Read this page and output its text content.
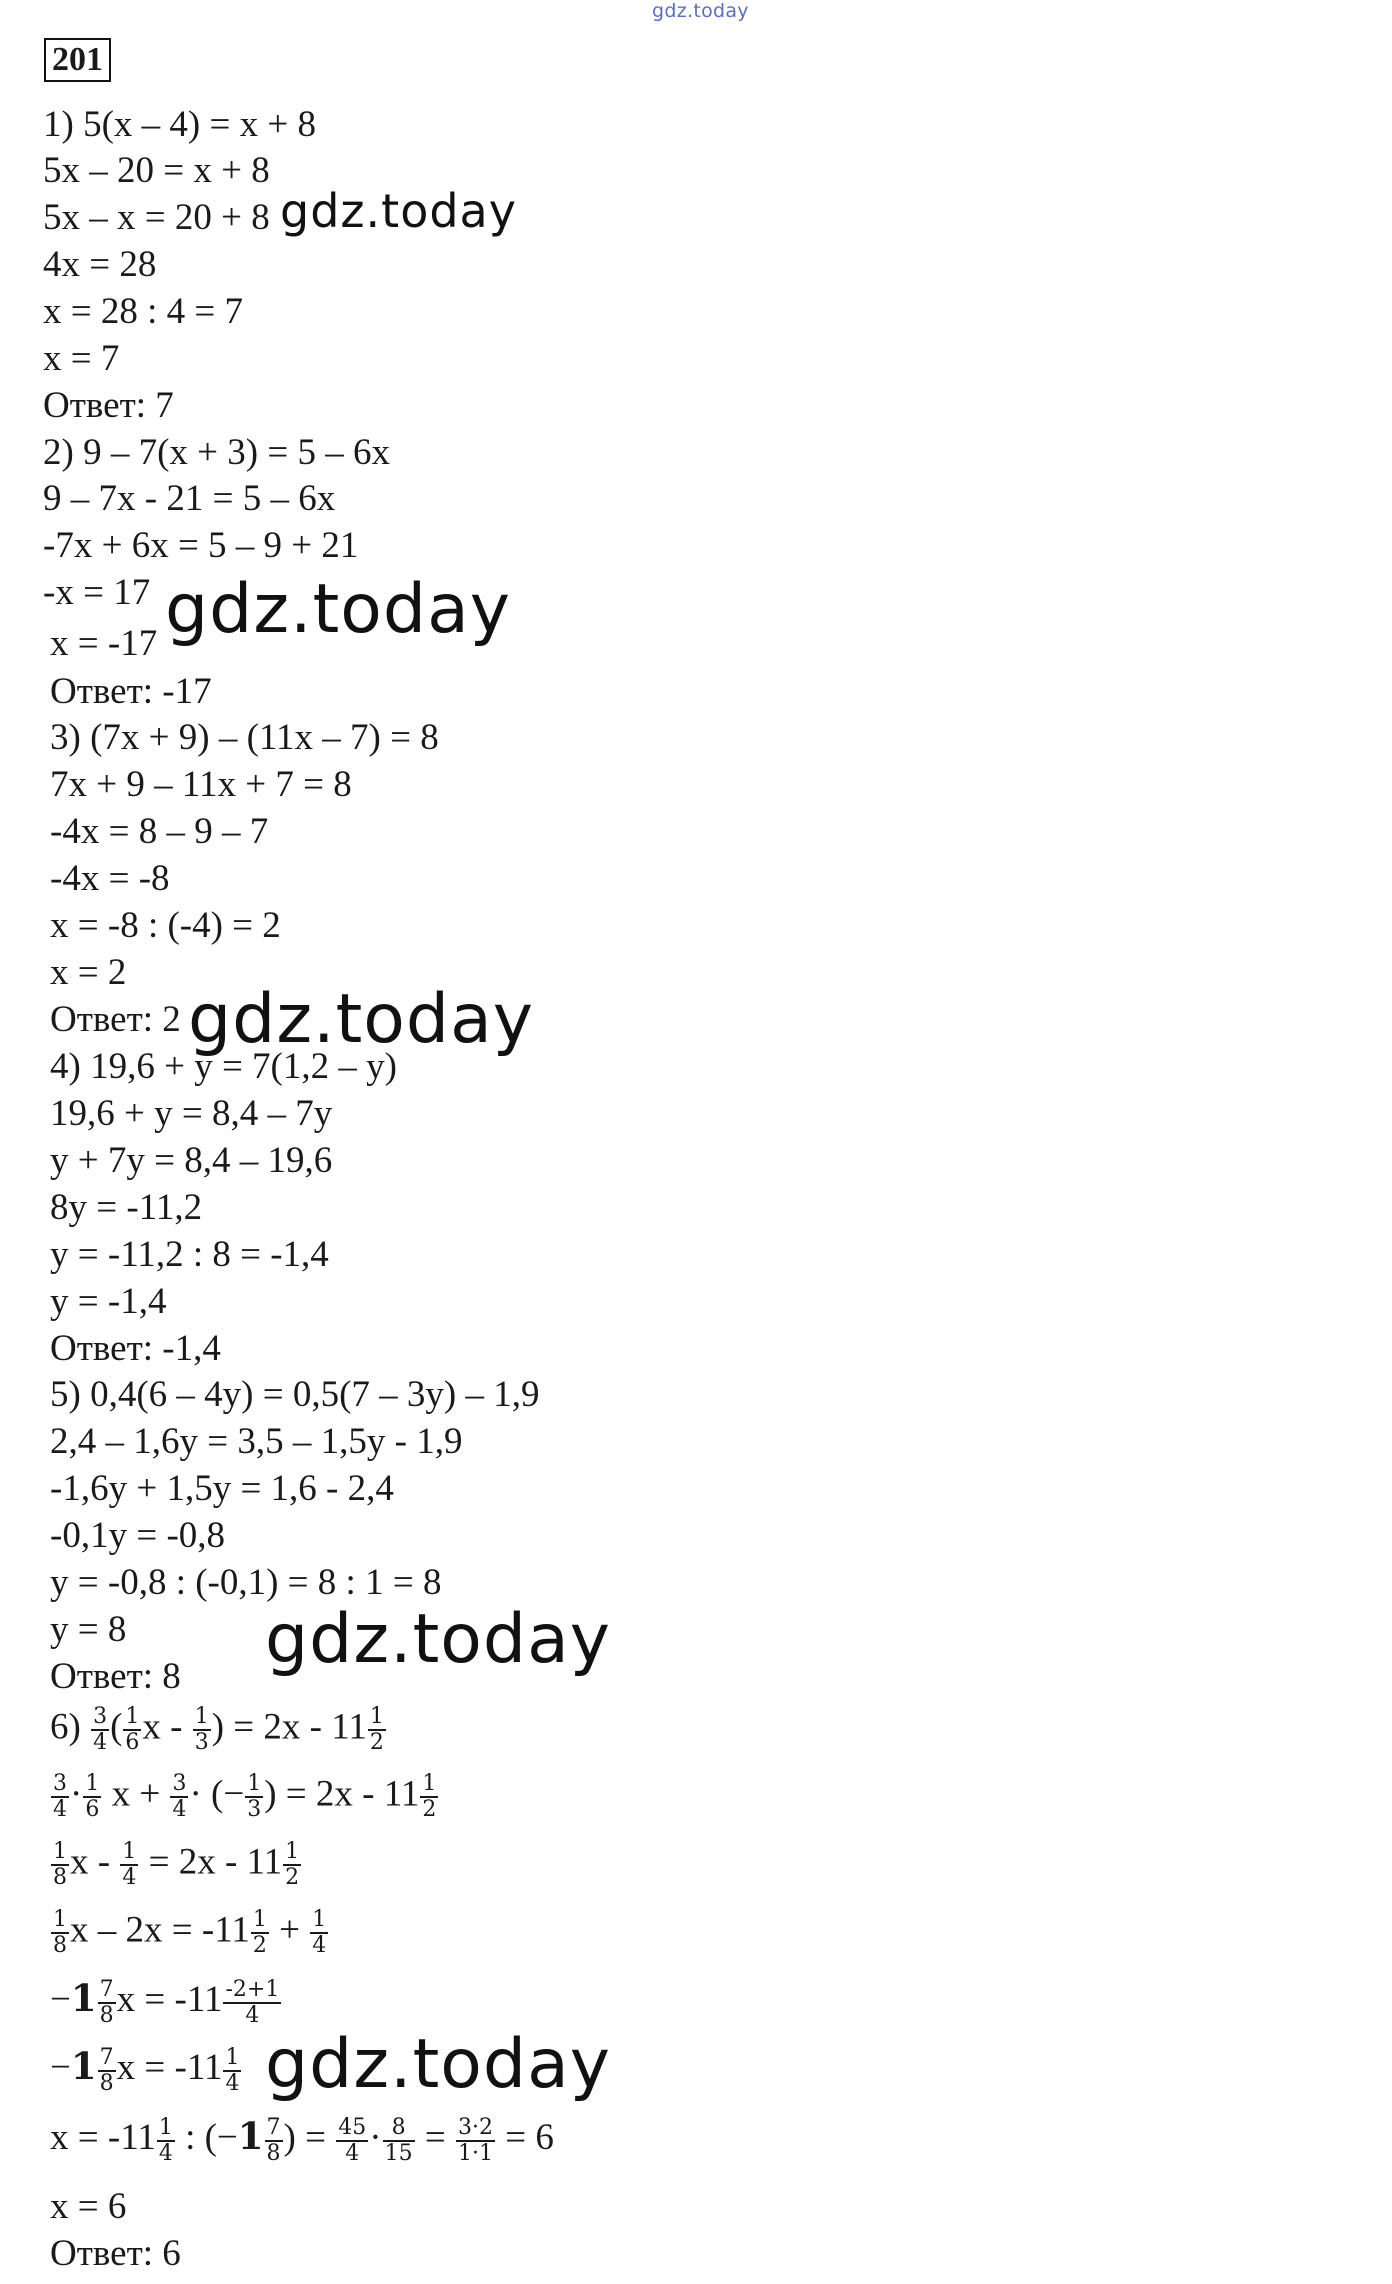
gdz.today
201
1) 5(x – 4) = x + 8
5x – 20 = x + 8
5x – x = 20 + 8 gdz.today
4x = 28
x = 28 : 4 = 7
x = 7
Ответ: 7
2) 9 – 7(x + 3) = 5 – 6x
9 – 7x - 21 = 5 – 6x
-7x + 6x = 5 – 9 + 21
-x = 17 gdz.today
x = -17
Ответ: -17
3) (7x + 9) – (11x – 7) = 8
7x + 9 – 11x + 7 = 8
-4x = 8 – 9 – 7
-4x = -8
x = -8 : (-4) = 2
x = 2
Ответ: 2 gdz.today
4) 19,6 + y = 7(1,2 – y)
19,6 + y = 8,4 – 7y
y + 7y = 8,4 – 19,6
8y = -11,2
y = -11,2 : 8 = -1,4
y = -1,4
Ответ: -1,4
5) 0,4(6 – 4y) = 0,5(7 – 3y) – 1,9
2,4 – 1,6y = 3,5 – 1,5y - 1,9
-1,6y + 1,5y = 1,6 - 2,4
-0,1y = -0,8
y = -0,8 : (-0,1) = 8 : 1 = 8
y = 8 gdz.today
Ответ: 8
$6) \frac{3}{4}$ ( $\frac{1}{6}$ x - $\frac{1}{3}$ ) = $2x - 11 \frac{1}{2}$
$\frac{3}{4} \cdot \frac{1}{6}$ $x + \frac{3}{4}$ · (− $\frac{1}{3}$ ) = $2x - 11 \frac{1}{2}$
$\frac{1}{8}$ $x - \frac{1}{4} = 2x - 11 \frac{1}{2}$
$\frac{1}{8}$ $x - 2x = -11 \frac{1}{2} + \frac{1}{4}$
$-1 \frac{7}{8}$ $x = -11 \frac{-2+1}{4}$
$-1 \frac{7}{8}$ $x = -11 \frac{1}{4}$ gdz.today
$x = -11 \frac{1}{4}$ : ($-1 \frac{7}{8}$ ) = $\frac{45}{4} \cdot \frac{8}{15} = \frac{3\cdot 2}{1\cdot 1} = 6$
x = 6
Ответ: 6
